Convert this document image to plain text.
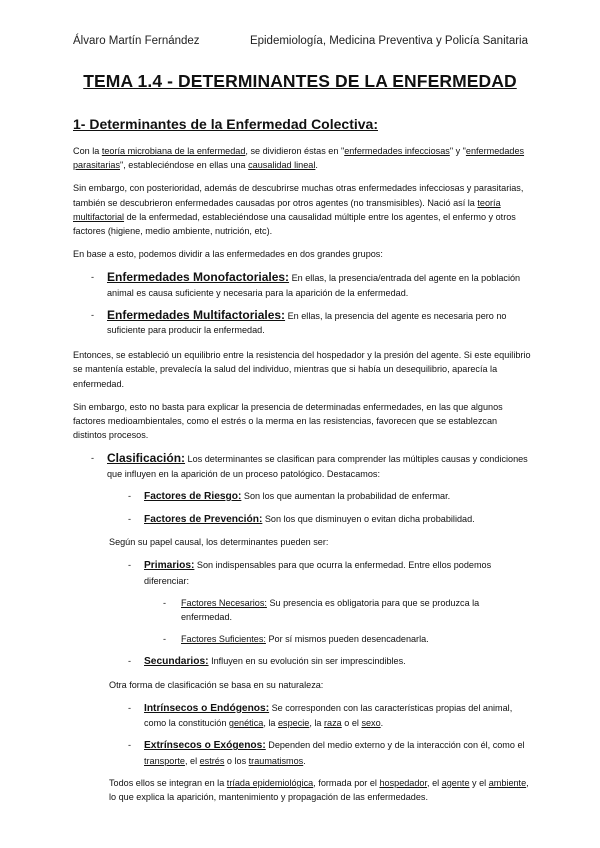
Álvaro Martín Fernández	Epidemiología, Medicina Preventiva y Policía Sanitaria
TEMA 1.4 - DETERMINANTES DE LA ENFERMEDAD
1- Determinantes de la Enfermedad Colectiva:

Con la teoría microbiana de la enfermedad, se dividieron éstas en "enfermedades infecciosas" y "enfermedades parasitarias", estableciéndose en ellas una causalidad lineal.

Sin embargo, con posterioridad, además de descubrirse muchas otras enfermedades infecciosas y parasitarias, también se descubrieron enfermedades causadas por otros agentes (no transmisibles). Nació así la teoría multifactorial de la enfermedad, estableciéndose una causalidad múltiple entre los agentes, el enfermo y otros factores (higiene, medio ambiente, nutrición, etc).

En base a esto, podemos dividir a las enfermedades en dos grandes grupos:

- Enfermedades Monofactoriales: En ellas, la presencia/entrada del agente en la población animal es causa suficiente y necesaria para la aparición de la enfermedad.
- Enfermedades Multifactoriales: En ellas, la presencia del agente es necesaria pero no suficiente para producir la enfermedad.

Entonces, se estableció un equilibrio entre la resistencia del hospedador y la presión del agente. Si este equilibrio se mantenía estable, prevalecía la salud del individuo, mientras que si había un desequilibrio, aparecía la enfermedad.

Sin embargo, esto no basta para explicar la presencia de determinadas enfermedades, en las que algunos factores medioambientales, como el estrés o la merma en las resistencias, favorecen que se establezcan distintos procesos.

- Clasificación: Los determinantes se clasifican para comprender las múltiples causas y condiciones que influyen en la aparición de un proceso patológico. Destacamos:
- Factores de Riesgo: Son los que aumentan la probabilidad de enfermar.
- Factores de Prevención: Son los que disminuyen o evitan dicha probabilidad.

Según su papel causal, los determinantes pueden ser:

- Primarios: Son indispensables para que ocurra la enfermedad. Entre ellos podemos diferenciar:
- Factores Necesarios: Su presencia es obligatoria para que se produzca la enfermedad.
- Factores Suficientes: Por sí mismos pueden desencadenarla.
- Secundarios: Influyen en su evolución sin ser imprescindibles.

Otra forma de clasificación se basa en su naturaleza:

- Intrínsecos o Endógenos: Se corresponden con las características propias del animal, como la constitución genética, la especie, la raza o el sexo.
- Extrínsecos o Exógenos: Dependen del medio externo y de la interacción con él, como el transporte, el estrés o los traumatismos.

Todos ellos se integran en la tríada epidemiológica, formada por el hospedador, el agente y el ambiente, lo que explica la aparición, mantenimiento y propagación de las enfermedades.
